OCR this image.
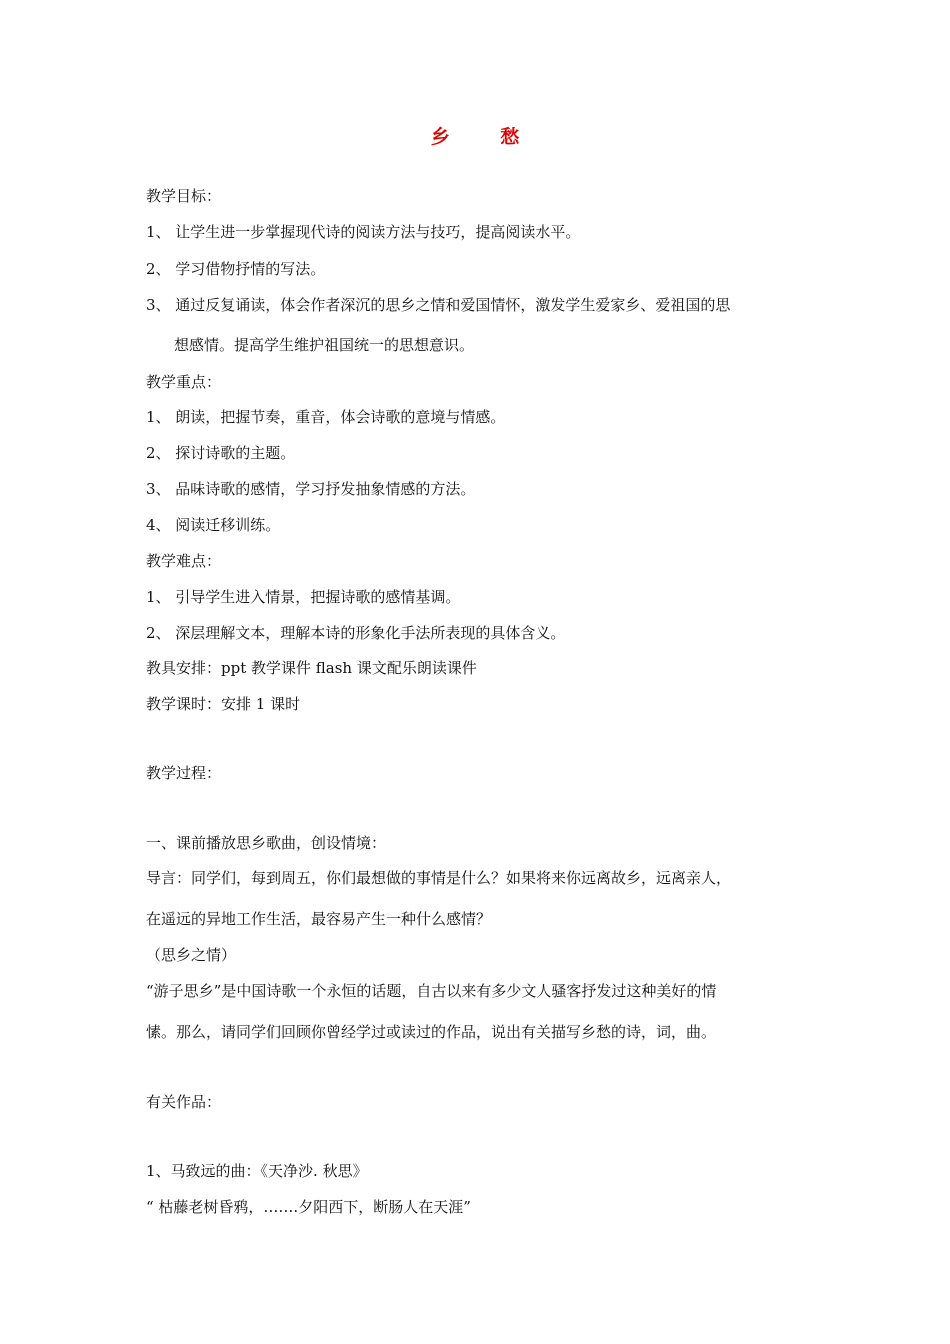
乡 愁
教学目标：
1、 让学生进一步掌握现代诗的阅读方法与技巧，提高阅读水平。
2、 学习借物抒情的写法。
3、 通过反复诵读，体会作者深沉的思乡之情和爱国情怀，激发学生爱家乡、爱祖国的思
想感情。提高学生维护祖国统一的思想意识。
教学重点：
1、 朗读，把握节奏，重音，体会诗歌的意境与情感。
2、 探讨诗歌的主题。
3、 品味诗歌的感情，学习抒发抽象情感的方法。
4、 阅读迁移训练。
教学难点：
1、 引导学生进入情景，把握诗歌的感情基调。
2、 深层理解文本，理解本诗的形象化手法所表现的具体含义。
教具安排：ppt 教学课件 flash 课文配乐朗读课件
教学课时：安排 1 课时
教学过程：
一、课前播放思乡歌曲，创设情境：
导言：同学们，每到周五，你们最想做的事情是什么？如果将来你远离故乡，远离亲人，
在遥远的异地工作生活，最容易产生一种什么感情？
（思乡之情）
“游子思乡”是中国诗歌一个永恒的话题，自古以来有多少文人骚客抒发过这种美好的情
愫。那么，请同学们回顾你曾经学过或读过的作品，说出有关描写乡愁的诗，词，曲。
有关作品：
1、马致远的曲：《天净沙. 秋思》
“ 枯藤老树昏鸦，…….夕阳西下，断肠人在天涯”
